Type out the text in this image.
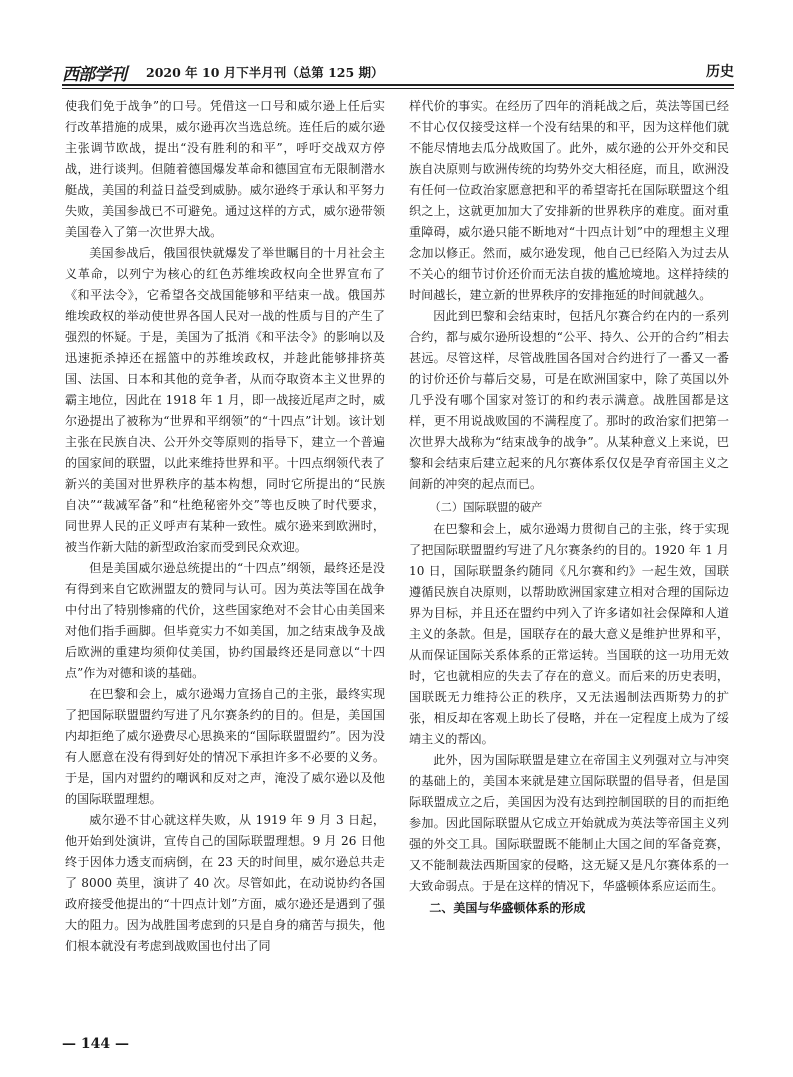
西部学刊 2020 年 10 月下半月刊（总第 125 期）	历史

使我们免于战争”的口号。凭借这一口号和威尔逊上任后实行改革措施的成果，威尔逊再次当选总统。连任后的威尔逊主张调节欧战，提出“没有胜利的和平”，呼吁交战双方停战，进行谈判。但随着德国爆发革命和德国宣布无限制潜水艇战，美国的利益日益受到威胁。威尔逊终于承认和平努力失败，美国参战已不可避免。通过这样的方式，威尔逊带领美国卷入了第一次世界大战。

美国参战后，俄国很快就爆发了举世瞩目的十月社会主义革命，以列宁为核心的红色苏维埃政权向全世界宣布了《和平法令》，它希望各交战国能够和平结束一战。俄国苏维埃政权的举动使世界各国人民对一战的性质与目的产生了强烈的怀疑。于是，美国为了抵消《和平法令》的影响以及迅速扼杀掉还在摇篮中的苏维埃政权，并趁此能够排挤英国、法国、日本和其他的竞争者，从而夺取资本主义世界的霸主地位，因此在 1918 年 1 月，即一战接近尾声之时，威尔逊提出了被称为“世界和平纲领”的“十四点”计划。该计划主张在民族自决、公开外交等原则的指导下，建立一个普遍的国家间的联盟，以此来维持世界和平。十四点纲领代表了新兴的美国对世界秩序的基本构想，同时它所提出的“民族自决”“裁减军备”和“杜绝秘密外交”等也反映了时代要求，同世界人民的正义呼声有某种一致性。威尔逊来到欧洲时，被当作新大陆的新型政治家而受到民众欢迎。

但是美国威尔逊总统提出的“十四点”纲领，最终还是没有得到来自它欧洲盟友的赞同与认可。因为英法等国在战争中付出了特别惨痛的代价，这些国家绝对不会甘心由美国来对他们指手画脚。但毕竟实力不如美国，加之结束战争及战后欧洲的重建均须仰仗美国，协约国最终还是同意以“十四点”作为对德和谈的基础。

在巴黎和会上，威尔逊竭力宣扬自己的主张，最终实现了把国际联盟盟约写进了凡尔赛条约的目的。但是，美国国内却拒绝了威尔逊费尽心思换来的“国际联盟盟约”。因为没有人愿意在没有得到好处的情况下承担许多不必要的义务。于是，国内对盟约的嘲讽和反对之声，淹没了威尔逊以及他的国际联盟理想。

威尔逊不甘心就这样失败，从 1919 年 9 月 3 日起，他开始到处演讲，宣传自己的国际联盟理想。9 月 26 日他终于因体力透支而病倒，在 23 天的时间里，威尔逊总共走了 8000 英里，演讲了 40 次。尽管如此，在动说协约各国政府接受他提出的“十四点计划”方面，威尔逊还是遇到了强大的阻力。因为战胜国考虑到的只是自身的痛苦与损失，他们根本就没有考虑到战败国也付出了同

样代价的事实。在经历了四年的消耗战之后，英法等国已经不甘心仅仅接受这样一个没有结果的和平，因为这样他们就不能尽情地去瓜分战败国了。此外，威尔逊的公开外交和民族自决原则与欧洲传统的均势外交大相径庭，而且，欧洲没有任何一位政治家愿意把和平的希望寄托在国际联盟这个组织之上，这就更加加大了安排新的世界秩序的难度。面对重重障碍，威尔逊只能不断地对“十四点计划”中的理想主义理念加以修正。然而，威尔逊发现，他自己已经陷入为过去从不关心的细节讨价还价而无法自拔的尴尬境地。这样持续的时间越长，建立新的世界秩序的安排拖延的时间就越久。

因此到巴黎和会结束时，包括凡尔赛合约在内的一系列合约，都与威尔逊所设想的“公平、持久、公开的合约”相去甚远。尽管这样，尽管战胜国各国对合约进行了一番又一番的讨价还价与幕后交易，可是在欧洲国家中，除了英国以外几乎没有哪个国家对签订的和约表示满意。战胜国都是这样，更不用说战败国的不满程度了。那时的政治家们把第一次世界大战称为“结束战争的战争”。从某种意义上来说，巴黎和会结束后建立起来的凡尔赛体系仅仅是孕育帝国主义之间新的冲突的起点而已。

（二）国际联盟的破产

在巴黎和会上，威尔逊竭力贯彻自己的主张，终于实现了把国际联盟盟约写进了凡尔赛条约的目的。1920 年 1 月 10 日，国际联盟条约随同《凡尔赛和约》一起生效，国联遵循民族自决原则，以帮助欧洲国家建立相对合理的国际边界为目标，并且还在盟约中列入了许多诸如社会保障和人道主义的条款。但是，国联存在的最大意义是维护世界和平，从而保证国际关系体系的正常运转。当国联的这一功用无效时，它也就相应的失去了存在的意义。而后来的历史表明，国联既无力维持公正的秩序，又无法遏制法西斯势力的扩张，相反却在客观上助长了侵略，并在一定程度上成为了绥靖主义的帮凶。

此外，因为国际联盟是建立在帝国主义列强对立与冲突的基础上的，美国本来就是建立国际联盟的倡导者，但是国际联盟成立之后，美国因为没有达到控制国联的目的而拒绝参加。因此国际联盟从它成立开始就成为英法等帝国主义列强的外交工具。国际联盟既不能制止大国之间的军备竞赛，又不能制裁法西斯国家的侵略，这无疑又是凡尔赛体系的一大致命弱点。于是在这样的情况下，华盛顿体系应运而生。

二、美国与华盛顿体系的形成
— 144 —
